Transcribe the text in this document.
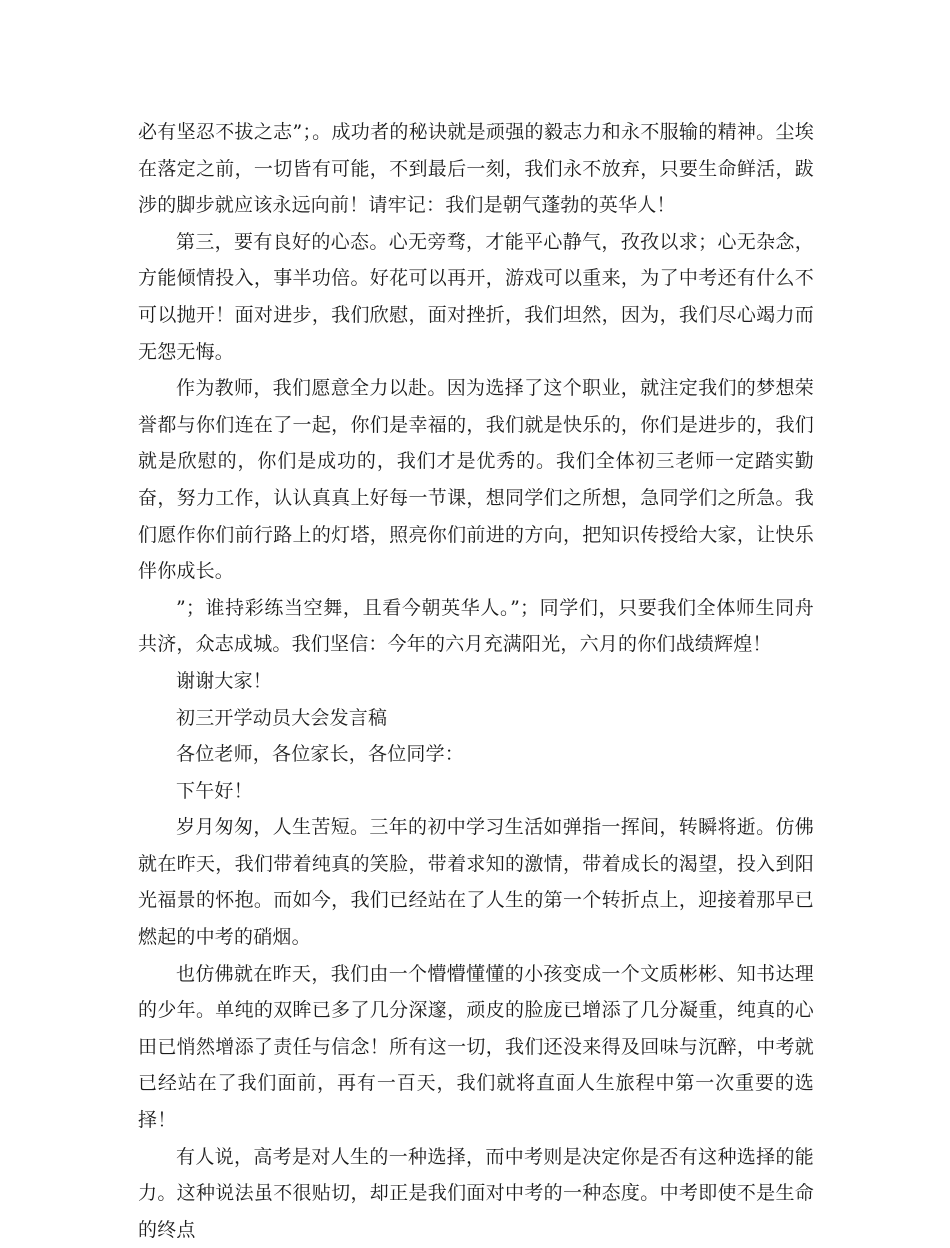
必有坚忍不拔之志”；。成功者的秘诀就是顽强的毅志力和永不服输的精神。尘埃在落定之前，一切皆有可能，不到最后一刻，我们永不放弃，只要生命鲜活，跋涉的脚步就应该永远向前！请牢记：我们是朝气蓬勃的英华人！

第三，要有良好的心态。心无旁骛，才能平心静气，孜孜以求；心无杂念，方能倾情投入，事半功倍。好花可以再开，游戏可以重来，为了中考还有什么不可以抛开！面对进步，我们欣慰，面对挫折，我们坦然，因为，我们尽心竭力而无怨无悔。

作为教师，我们愿意全力以赴。因为选择了这个职业，就注定我们的梦想荣誉都与你们连在了一起，你们是幸福的，我们就是快乐的，你们是进步的，我们就是欣慰的，你们是成功的，我们才是优秀的。我们全体初三老师一定踏实勤奋，努力工作，认认真真上好每一节课，想同学们之所想，急同学们之所急。我们愿作你们前行路上的灯塔，照亮你们前进的方向，把知识传授给大家，让快乐伴你成长。

”；谁持彩练当空舞，且看今朝英华人。”；同学们，只要我们全体师生同舟共济，众志成城。我们坚信：今年的六月充满阳光，六月的你们战绩辉煌！

谢谢大家！

初三开学动员大会发言稿

各位老师，各位家长，各位同学：

下午好！

岁月匆匆，人生苦短。三年的初中学习生活如弹指一挥间，转瞬将逝。仿佛就在昨天，我们带着纯真的笑脸，带着求知的激情，带着成长的渴望，投入到阳光福景的怀抱。而如今，我们已经站在了人生的第一个转折点上，迎接着那早已燃起的中考的硝烟。

也仿佛就在昨天，我们由一个懵懵懂懂的小孩变成一个文质彬彬、知书达理的少年。单纯的双眸已多了几分深邃，顽皮的脸庞已增添了几分凝重，纯真的心田已悄然增添了责任与信念！所有这一切，我们还没来得及回味与沉醉，中考就已经站在了我们面前，再有一百天，我们就将直面人生旅程中第一次重要的选择！

有人说，高考是对人生的一种选择，而中考则是决定你是否有这种选择的能力。这种说法虽不很贴切，却正是我们面对中考的一种态度。中考即使不是生命的终点
